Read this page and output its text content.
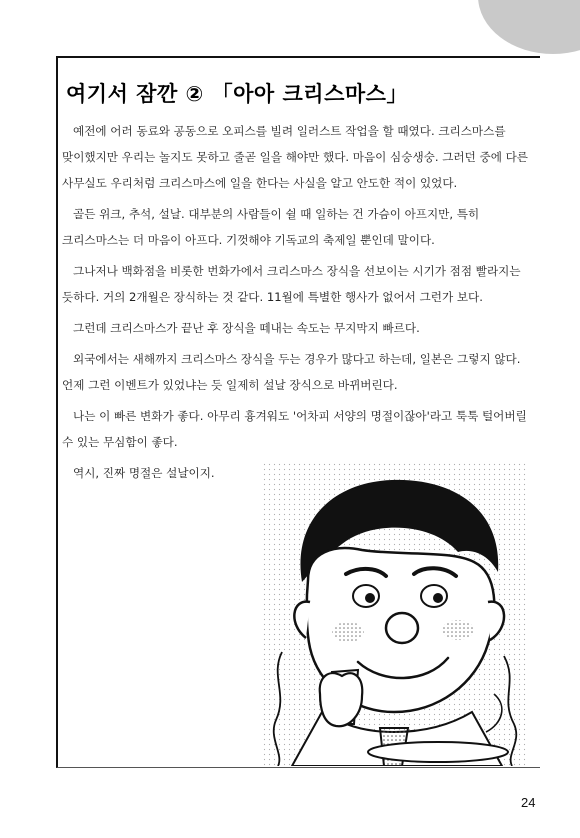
여기서 잠깐 ② 「아아 크리스마스」

예전에 어러 동료와 공동으로 오피스를 빌려 일러스트 작업을 할 때였다. 크리스마스를 맞이했지만 우리는 놀지도 못하고 줄곧 일을 해야만 했다. 마음이 심숭생숭. 그러던 중에 다른 사무실도 우리처럼 크리스마스에 일을 한다는 사실을 알고 안도한 적이 있었다.

골든 위크, 추석, 설날. 대부분의 사람들이 쉴 때 일하는 건 가슴이 아프지만, 특히 크리스마스는 더 마음이 아프다. 기껏해야 기독교의 축제일 뿐인데 말이다.

그나저나 백화점을 비롯한 번화가에서 크리스마스 장식을 선보이는 시기가 점점 빨라지는 듯하다. 거의 2개월은 장식하는 것 같다. 11월에 특별한 행사가 없어서 그런가 보다.

그런데 크리스마스가 끝난 후 장식을 떼내는 속도는 무지막지 빠르다.

외국에서는 새해까지 크리스마스 장식을 두는 경우가 많다고 하는데, 일본은 그렇지 않다. 언제 그런 이벤트가 있었냐는 듯 일제히 설날 장식으로 바뀌버린다.

나는 이 빠른 변화가 좋다. 아무리 흉겨워도 '어차피 서양의 명절이잖아'라고 툭툭 털어버릴 수 있는 무심함이 좋다.

역시, 진짜 명절은 설날이지.

24
